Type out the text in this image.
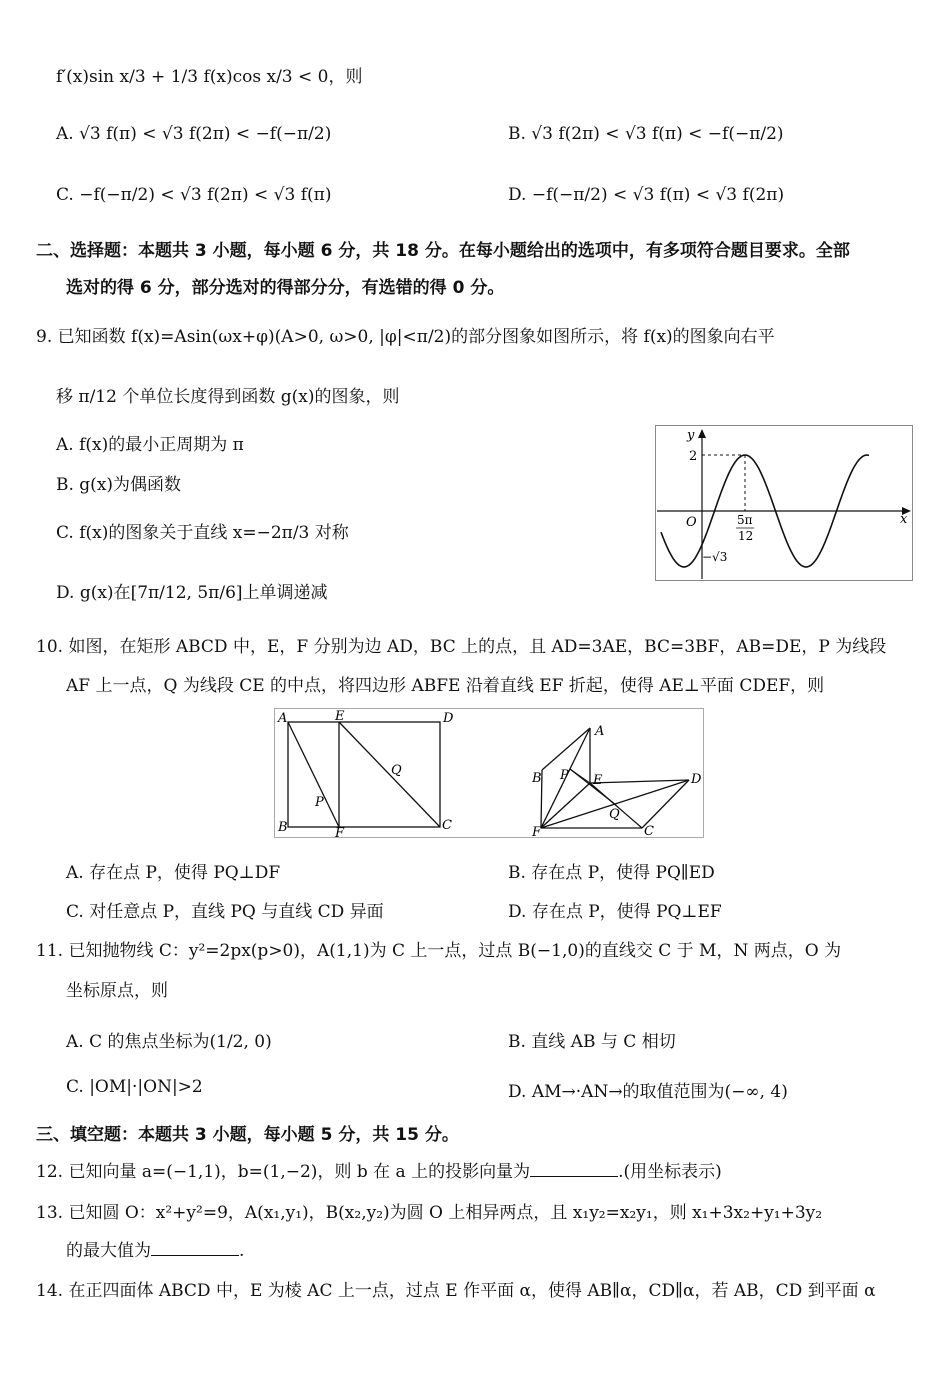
f′(x)sin x/3 + 1/3 f(x)cos x/3 < 0，则
A. √3 f(π) < √3 f(2π) < −f(−π/2)	B. √3 f(2π) < √3 f(π) < −f(−π/2)
C. −f(−π/2) < √3 f(2π) < √3 f(π)	D. −f(−π/2) < √3 f(π) < √3 f(2π)
二、选择题：本题共 3 小题，每小题 6 分，共 18 分。在每小题给出的选项中，有多项符合题目要求。全部
选对的得 6 分，部分选对的得部分分，有选错的得 0 分。
9. 已知函数 f(x)=Asin(ωx+φ)(A>0, ω>0, |φ|<π/2)的部分图象如图所示，将 f(x)的图象向右平
移 π/12 个单位长度得到函数 g(x)的图象，则
A. f(x)的最小正周期为 π
B. g(x)为偶函数
C. f(x)的图象关于直线 x=−2π/3 对称
D. g(x)在[7π/12, 5π/6]上单调递减
y
x
O
2
−√3
5π
12
10. 如图，在矩形 ABCD 中，E，F 分别为边 AD，BC 上的点，且 AD=3AE，BC=3BF，AB=DE，P 为线段
AF 上一点，Q 为线段 CE 的中点，将四边形 ABFE 沿着直线 EF 折起，使得 AE⊥平面 CDEF，则
A	E	D
B	F
C
P
Q
A
B P E	D
Q
F	C
A. 存在点 P，使得 PQ⊥DF	B. 存在点 P，使得 PQ∥ED
C. 对任意点 P，直线 PQ 与直线 CD 异面	D. 存在点 P，使得 PQ⊥EF
11. 已知抛物线 C：y²=2px(p>0)，A(1,1)为 C 上一点，过点 B(−1,0)的直线交 C 于 M，N 两点，O 为
坐标原点，则
A. C 的焦点坐标为(1/2, 0)	B. 直线 AB 与 C 相切
C. |OM|·|ON|>2	D. AM→·AN→的取值范围为(−∞, 4)
三、填空题：本题共 3 小题，每小题 5 分，共 15 分。
12. 已知向量 a=(−1,1)，b=(1,−2)，则 b 在 a 上的投影向量为	.(用坐标表示)
13. 已知圆 O：x²+y²=9，A(x₁,y₁)，B(x₂,y₂)为圆 O 上相异两点，且 x₁y₂=x₂y₁，则 x₁+3x₂+y₁+3y₂
的最大值为	.
14. 在正四面体 ABCD 中，E 为棱 AC 上一点，过点 E 作平面 α，使得 AB∥α，CD∥α，若 AB，CD 到平面 α
